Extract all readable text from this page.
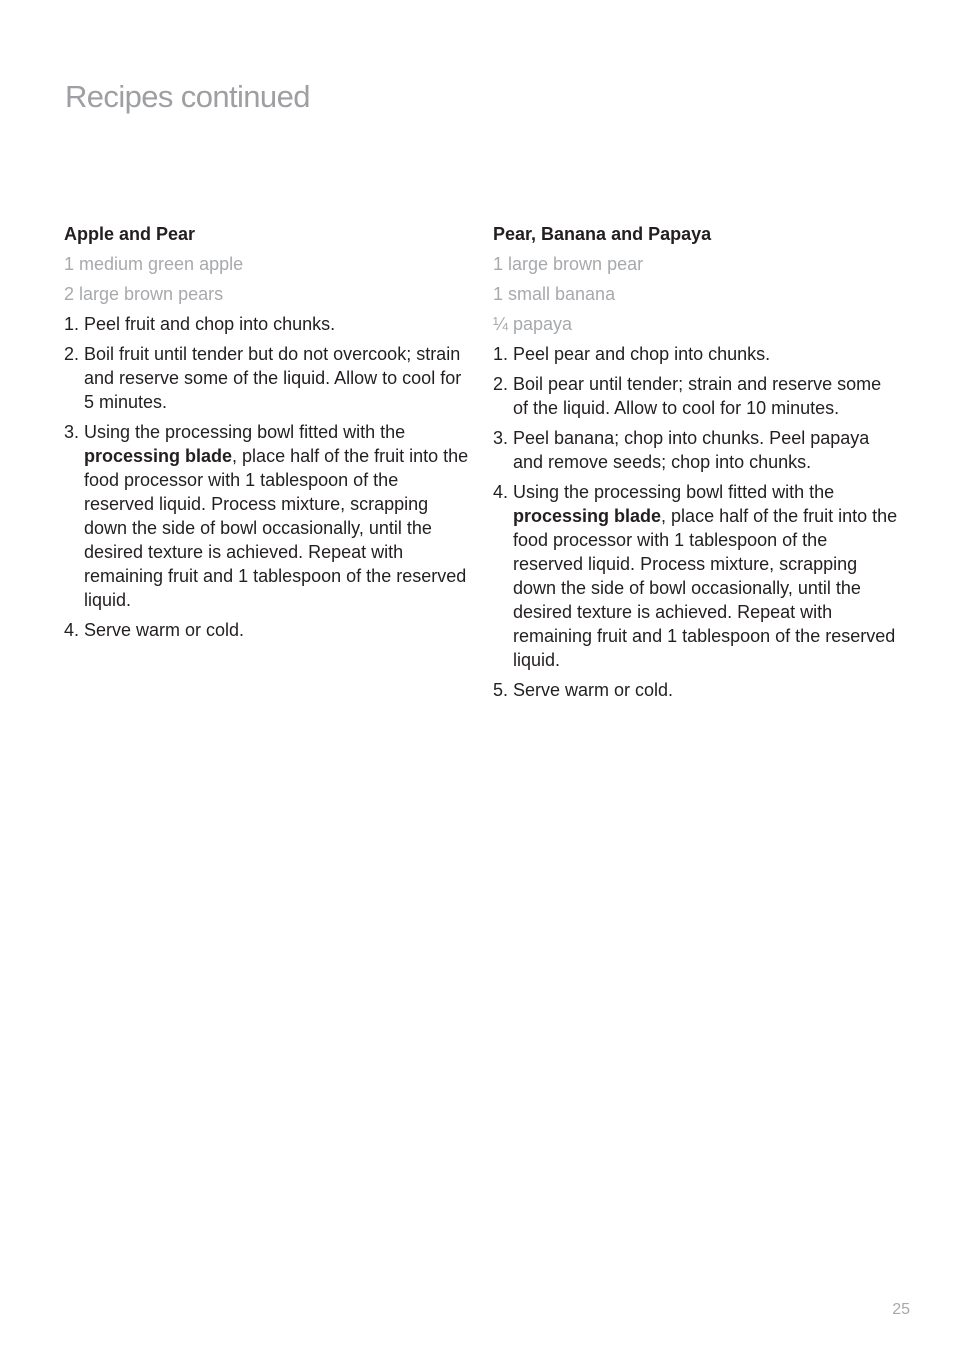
Recipes continued
Apple and Pear
1 medium green apple
2 large brown pears
1. Peel fruit and chop into chunks.
2. Boil fruit until tender but do not overcook; strain and reserve some of the liquid. Allow to cool for 5 minutes.
3. Using the processing bowl fitted with the processing blade, place half of the fruit into the food processor with 1 tablespoon of the reserved liquid. Process mixture, scrapping down the side of bowl occasionally, until the desired texture is achieved. Repeat with remaining fruit and 1 tablespoon of the reserved liquid.
4. Serve warm or cold.
Pear, Banana and Papaya
1 large brown pear
1 small banana
¼ papaya
1. Peel pear and chop into chunks.
2. Boil pear until tender; strain and reserve some of the liquid. Allow to cool for 10 minutes.
3. Peel banana; chop into chunks. Peel papaya and remove seeds; chop into chunks.
4. Using the processing bowl fitted with the processing blade, place half of the fruit into the food processor with 1 tablespoon of the reserved liquid. Process mixture, scrapping down the side of bowl occasionally, until the desired texture is achieved. Repeat with remaining fruit and 1 tablespoon of the reserved liquid.
5. Serve warm or cold.
25
